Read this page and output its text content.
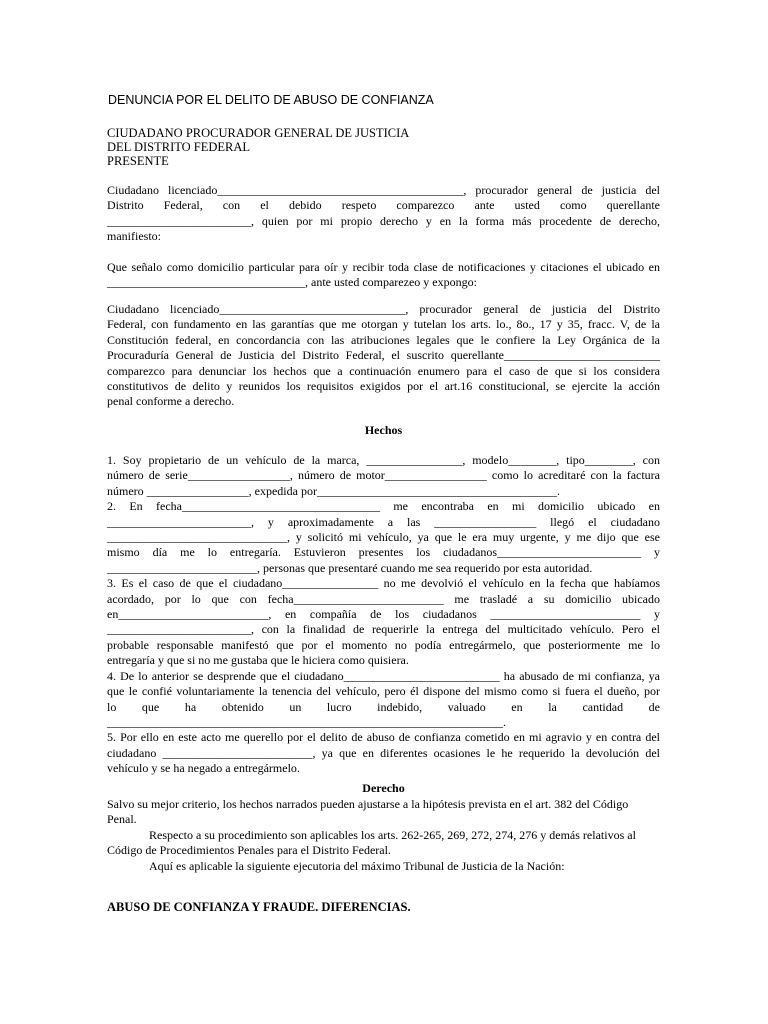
DENUNCIA POR EL DELITO DE ABUSO DE CONFIANZA
CIUDADANO PROCURADOR GENERAL DE JUSTICIA
DEL DISTRITO FEDERAL
PRESENTE
Ciudadano licenciado_________________________________________, procurador general de justicia del
Distrito Federal, con el debido respeto comparezco ante usted como querellante
________________________, quien por mi propio derecho y en la forma más procedente de derecho,
manifiesto:
Que señalo como domicilio particular para oír y recibir toda clase de notificaciones y citaciones el ubicado en
_________________________________, ante usted comparezeo y expongo:
Ciudadano licenciado_______________________________, procurador general de justicia del Distrito
Federal, con fundamento en las garantías que me otorgan y tutelan los arts. lo., 8o., 17 y 35, fracc. V, de la
Constitución federal, en concordancia con las atribuciones legales que le confiere la Ley Orgánica de la
Procuraduría General de Justicia del Distrito Federal, el suscrito querellante__________________________
comparezco para denunciar los hechos que a continuación enumero para el caso de que si los considera
constitutivos de delito y reunidos los requisitos exigidos por el art.16 constitucional, se ejercite la acción
penal conforme a derecho.
Hechos
1. Soy propietario de un vehículo de la marca, ________________, modelo________, tipo________, con
número de serie_________________, número de motor_________________ como lo acreditaré con la factura
número _________________, expedida por________________________________________.
2. En fecha_________________________________ me encontraba en mi domicilio ubicado en
________________________, y aproximadamente a las _________________ llegó el ciudadano
______________________________, y solicitó mi vehículo, ya que le era muy urgente, y me dijo que ese
mismo día me lo entregaría. Estuvieron presentes los ciudadanos________________________ y
_________________________, personas que presentaré cuando me sea requerido por esta autoridad.
3. Es el caso de que el ciudadano________________ no me devolvió el vehículo en la fecha que habíamos
acordado, por lo que con fecha_________________________ me trasladé a su domicilio ubicado
en_________________________, en compañía de los ciudadanos _________________________ y
________________________, con la finalidad de requerirle la entrega del multicitado vehículo. Pero el
probable responsable manifestó que por el momento no podía entregármelo, que posteriormente me lo
entregaría y que si no me gustaba que le hiciera como quisiera.
4. De lo anterior se desprende que el ciudadano__________________________ ha abusado de mi confianza, ya
que le confié voluntariamente la tenencia del vehículo, pero él dispone del mismo como si fuera el dueño, por
lo que ha obtenido un lucro indebido, valuado en la cantidad de
__________________________________________________________________.
5. Por ello en este acto me querello por el delito de abuso de confianza cometido en mi agravio y en contra del
ciudadano _________________________, ya que en diferentes ocasiones le he requerido la devolución del
vehículo y se ha negado a entregármelo.
Derecho
Salvo su mejor criterio, los hechos narrados pueden ajustarse a la hipótesis prevista en el art. 382 del Código
Penal.
Respecto a su procedimiento son aplicables los arts. 262-265, 269, 272, 274, 276 y demás relativos al
Código de Procedimientos Penales para el Distrito Federal.
Aquí es aplicable la siguiente ejecutoria del máximo Tribunal de Justicia de la Nación:
ABUSO DE CONFIANZA Y FRAUDE. DIFERENCIAS.
